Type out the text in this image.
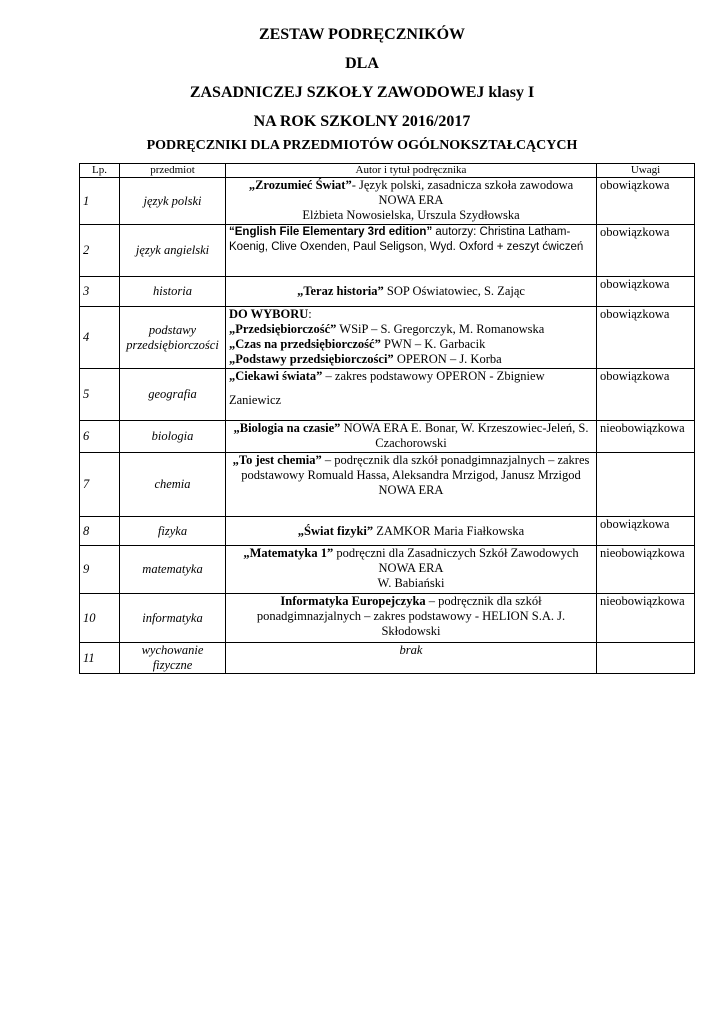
ZESTAW PODRĘCZNIKÓW
DLA
ZASADNICZEJ SZKOŁY ZAWODOWEJ klasy I
NA ROK SZKOLNY 2016/2017
PODRĘCZNIKI DLA PRZEDMIOTÓW OGÓLNOKSZTAŁCĄCYCH
Lp.	przedmiot	Autor i tytuł podręcznika	Uwagi
1	język polski	„Zrozumieć Świat”- Język polski, zasadnicza szkoła zawodowa
NOWA ERA
Elżbieta Nowosielska, Urszula Szydłowska	obowiązkowa
2	język angielski	“English File Elementary 3rd edition” autorzy: Christina Latham-Koenig, Clive Oxenden, Paul Seligson, Wyd. Oxford + zeszyt ćwiczeń	obowiązkowa
3	historia	„Teraz historia” SOP Oświatowiec, S. Zając	obowiązkowa
4	podstawy przedsiębiorczości	DO WYBORU:
„Przedsiębiorczość” WSiP – S. Gregorczyk, M. Romanowska
„Czas na przedsiębiorczość” PWN – K. Garbacik
„Podstawy przedsiębiorczości” OPERON – J. Korba	obowiązkowa
5	geografia	„Ciekawi świata” – zakres podstawowy OPERON - Zbigniew
Zaniewicz	obowiązkowa
6	biologia	„Biologia na czasie” NOWA ERA E. Bonar, W. Krzeszowiec-Jeleń, S. Czachorowski	nieobowiązkowa
7	chemia	„To jest chemia” – podręcznik dla szkół ponadgimnazjalnych – zakres podstawowy Romuald Hassa, Aleksandra Mrzigod, Janusz Mrzigod
NOWA ERA	

8	fizyka	„Świat fizyki” ZAMKOR Maria Fiałkowska	obowiązkowa
9	matematyka	„Matematyka 1” podręczni dla Zasadniczych Szkół Zawodowych
NOWA ERA
W. Babiański	nieobowiązkowa
10	informatyka	Informatyka Europejczyka – podręcznik dla szkół ponadgimnazjalnych – zakres podstawowy - HELION S.A. J. Skłodowski	nieobowiązkowa
11	wychowanie fizyczne	brak	
